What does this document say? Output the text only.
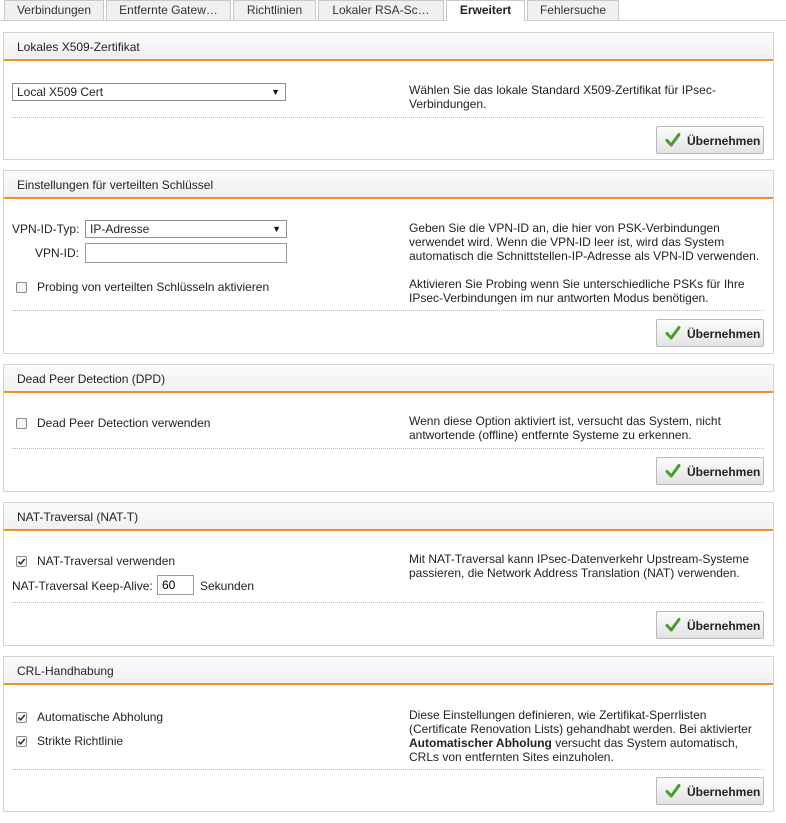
Verbindungen	Entfernte Gatew…	Richtlinien	Lokaler RSA-Sc…	Erweitert	Fehlersuche
Lokales X509-Zertifikat
Local X509 Cert	▼	Wählen Sie das lokale Standard X509-Zertifikat für IPsec-Verbindungen.
Übernehmen
Einstellungen für verteilten Schlüssel
VPN-ID-Typ: IP-Adresse	▼
VPN-ID:
Probing von verteilten Schlüsseln aktivieren
Geben Sie die VPN-ID an, die hier von PSK-Verbindungen verwendet wird. Wenn die VPN-ID leer ist, wird das System automatisch die Schnittstellen-IP-Adresse als VPN-ID verwenden.
Aktivieren Sie Probing wenn Sie unterschiedliche PSKs für Ihre IPsec-Verbindungen im nur antworten Modus benötigen.
Übernehmen
Dead Peer Detection (DPD)
Dead Peer Detection verwenden	Wenn diese Option aktiviert ist, versucht das System, nicht antwortende (offline) entfernte Systeme zu erkennen.
Übernehmen
NAT-Traversal (NAT-T)
NAT-Traversal verwenden
NAT-Traversal Keep-Alive:
60	Sekunden
Mit NAT-Traversal kann IPsec-Datenverkehr Upstream-Systeme passieren, die Network Address Translation (NAT) verwenden.
Übernehmen
CRL-Handhabung
Automatische Abholung
Strikte Richtlinie
Diese Einstellungen definieren, wie Zertifikat-Sperrlisten (Certificate Renovation Lists) gehandhabt werden. Bei aktivierter Automatischer Abholung versucht das System automatisch, CRLs von entfernten Sites einzuholen.
Übernehmen
